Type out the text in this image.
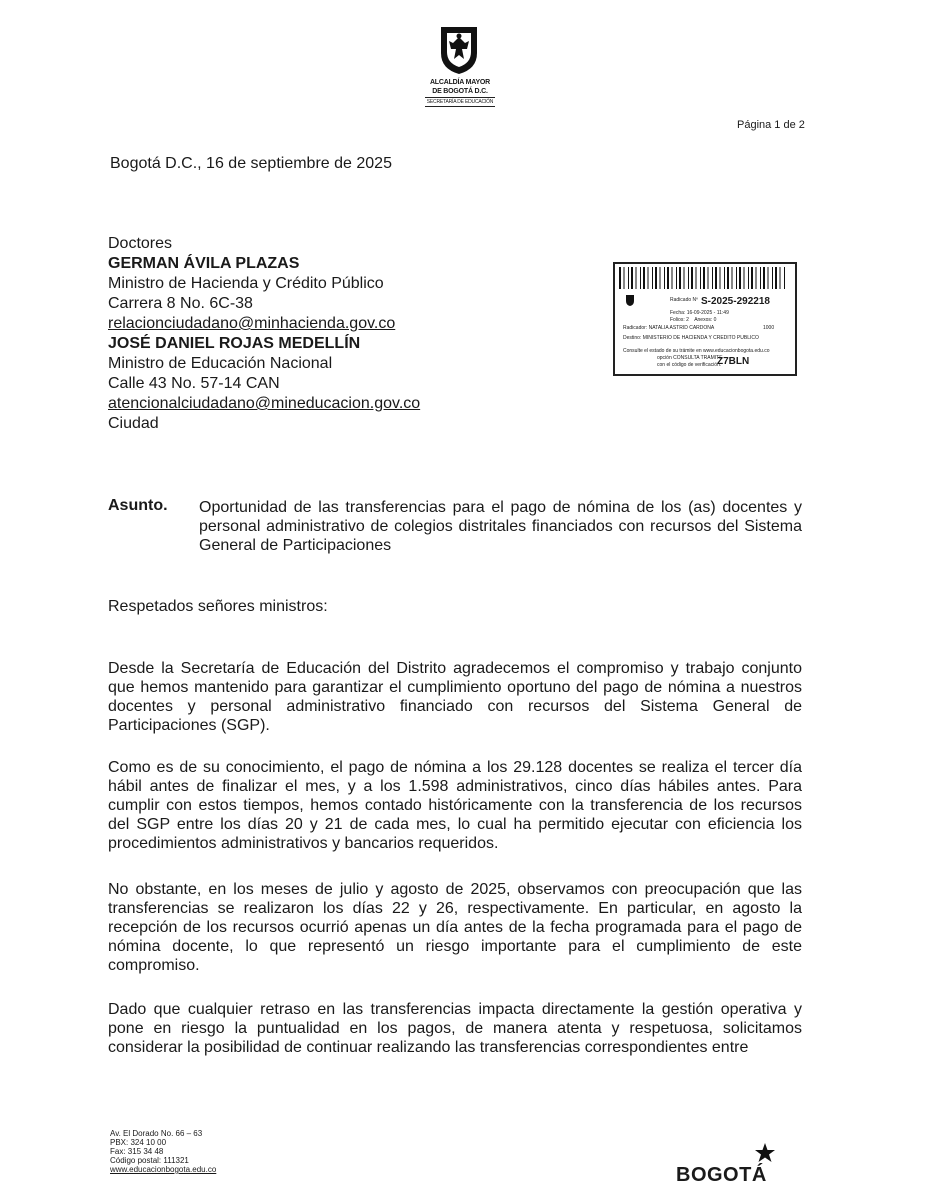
ALCALDÍA MAYOR
DE BOGOTÁ D.C.
SECRETARÍA DE EDUCACIÓN
Página 1 de 2
Bogotá D.C., 16 de septiembre de 2025
Doctores
GERMAN ÁVILA PLAZAS
Ministro de Hacienda y Crédito Público
Carrera 8 No. 6C-38
relacionciudadano@minhacienda.gov.co
JOSÉ DANIEL ROJAS MEDELLÍN
Ministro de Educación Nacional
Calle 43 No. 57-14 CAN
atencionalciudadano@mineducacion.gov.co
Ciudad
Radicado Nº S-2025-292218
Fecha: 16-09-2025 - 11:49
Folios: 2 Anexos: 0
Radicador: NATALIA ASTRID CARDONA	1000
Destino: MINISTERIO DE HACIENDA Y CREDITO PUBLICO
Consulte el estado de su trámite en www.educacionbogota.edu.co
opción CONSULTA TRAMITE
con el código de verificación:
Z7BLN
Asunto. Oportunidad de las transferencias para el pago de nómina de los (as) docentes y personal administrativo de colegios distritales financiados con recursos del Sistema General de Participaciones
Respetados señores ministros:
Desde la Secretaría de Educación del Distrito agradecemos el compromiso y trabajo conjunto que hemos mantenido para garantizar el cumplimiento oportuno del pago de nómina a nuestros docentes y personal administrativo financiado con recursos del Sistema General de Participaciones (SGP).
Como es de su conocimiento, el pago de nómina a los 29.128 docentes se realiza el tercer día hábil antes de finalizar el mes, y a los 1.598 administrativos, cinco días hábiles antes. Para cumplir con estos tiempos, hemos contado históricamente con la transferencia de los recursos del SGP entre los días 20 y 21 de cada mes, lo cual ha permitido ejecutar con eficiencia los procedimientos administrativos y bancarios requeridos.
No obstante, en los meses de julio y agosto de 2025, observamos con preocupación que las transferencias se realizaron los días 22 y 26, respectivamente. En particular, en agosto la recepción de los recursos ocurrió apenas un día antes de la fecha programada para el pago de nómina docente, lo que representó un riesgo importante para el cumplimiento de este compromiso.
Dado que cualquier retraso en las transferencias impacta directamente la gestión operativa y pone en riesgo la puntualidad en los pagos, de manera atenta y respetuosa, solicitamos considerar la posibilidad de continuar realizando las transferencias correspondientes entre
Av. El Dorado No. 66 – 63
PBX: 324 10 00
Fax: 315 34 48
Código postal: 111321
www.educacionbogota.edu.co	BOGOTÁ
